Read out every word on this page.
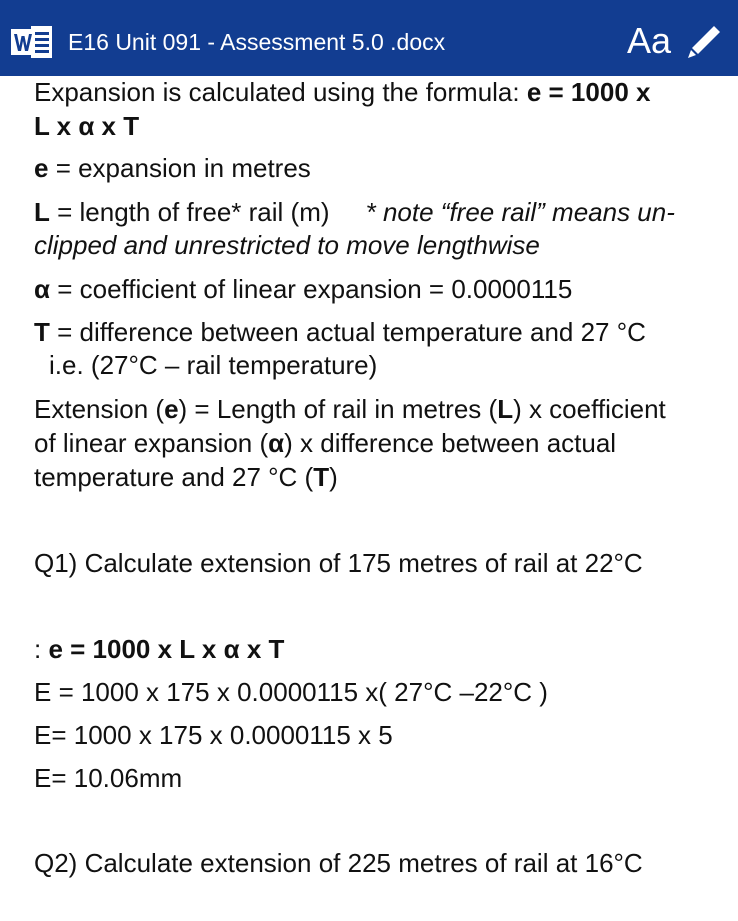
E16 Unit 091 - Assessment 5.0 .docx	Aa
Expansion is calculated using the formula: e = 1000 x
L x α x T
e = expansion in metres
L = length of free* rail (m)     * note “free rail” means un-
clipped and unrestricted to move lengthwise
α = coefficient of linear expansion = 0.0000115
T = difference between actual temperature and 27 °C
i.e. (27°C – rail temperature)
Extension (e) = Length of rail in metres (L) x coefficient
of linear expansion (α) x difference between actual
temperature and 27 °C (T)
Q1) Calculate extension of 175 metres of rail at 22°C
: e = 1000 x L x α x T
E = 1000 x 175 x 0.0000115 x( 27°C –22°C )
E= 1000 x 175 x 0.0000115 x 5
E= 10.06mm
Q2) Calculate extension of 225 metres of rail at 16°C
